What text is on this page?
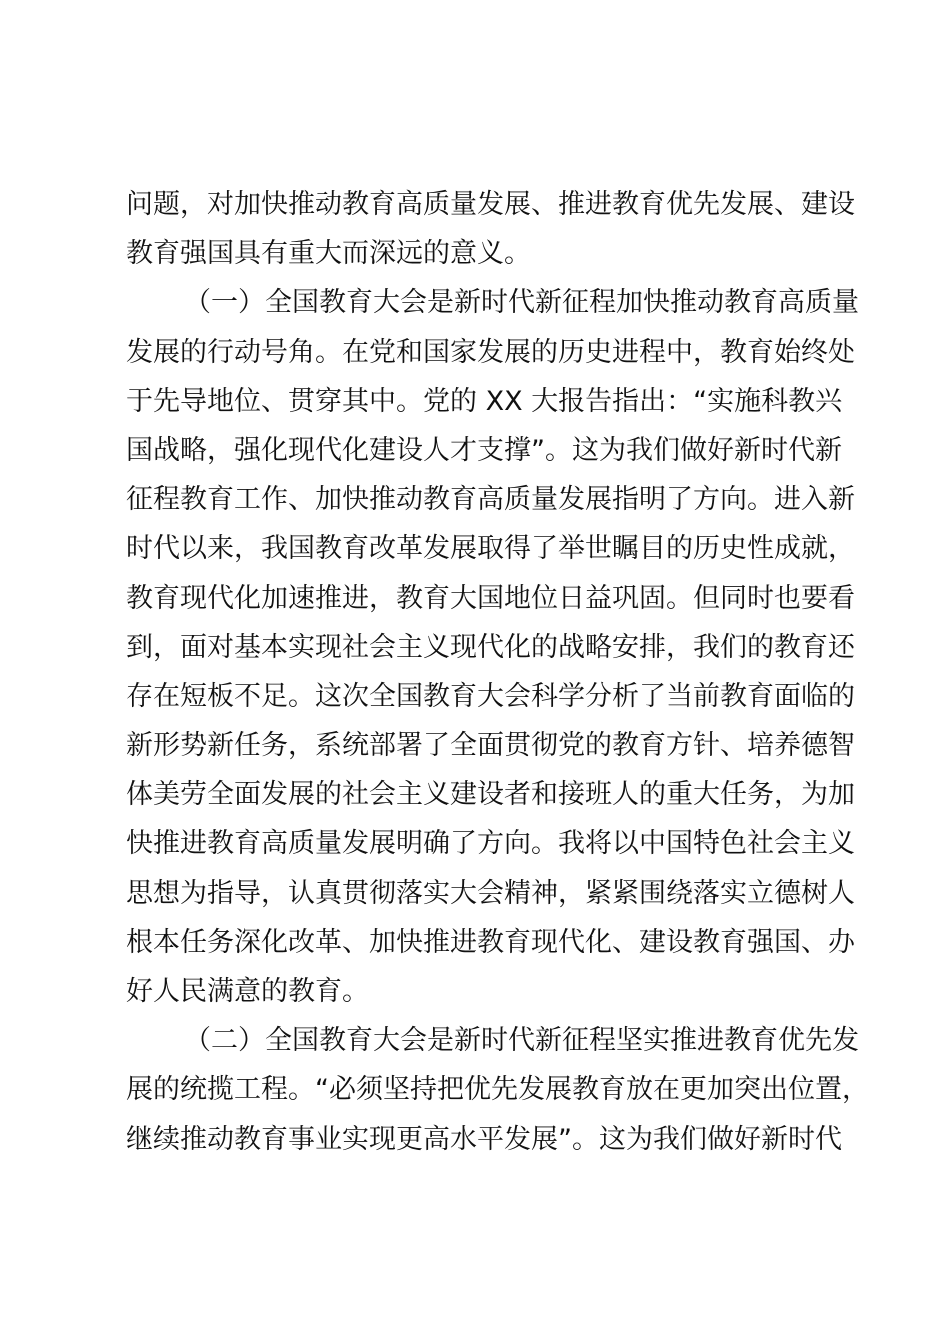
问题，对加快推动教育高质量发展、推进教育优先发展、建设
教育强国具有重大而深远的意义。
（一）全国教育大会是新时代新征程加快推动教育高质量
发展的行动号角。在党和国家发展的历史进程中，教育始终处
于先导地位、贯穿其中。党的 XX 大报告指出：“实施科教兴
国战略，强化现代化建设人才支撑”。这为我们做好新时代新
征程教育工作、加快推动教育高质量发展指明了方向。进入新
时代以来，我国教育改革发展取得了举世瞩目的历史性成就，
教育现代化加速推进，教育大国地位日益巩固。但同时也要看
到，面对基本实现社会主义现代化的战略安排，我们的教育还
存在短板不足。这次全国教育大会科学分析了当前教育面临的
新形势新任务，系统部署了全面贯彻党的教育方针、培养德智
体美劳全面发展的社会主义建设者和接班人的重大任务，为加
快推进教育高质量发展明确了方向。我将以中国特色社会主义
思想为指导，认真贯彻落实大会精神，紧紧围绕落实立德树人
根本任务深化改革、加快推进教育现代化、建设教育强国、办
好人民满意的教育。
（二）全国教育大会是新时代新征程坚实推进教育优先发
展的统揽工程。“必须坚持把优先发展教育放在更加突出位置，
继续推动教育事业实现更高水平发展”。这为我们做好新时代
